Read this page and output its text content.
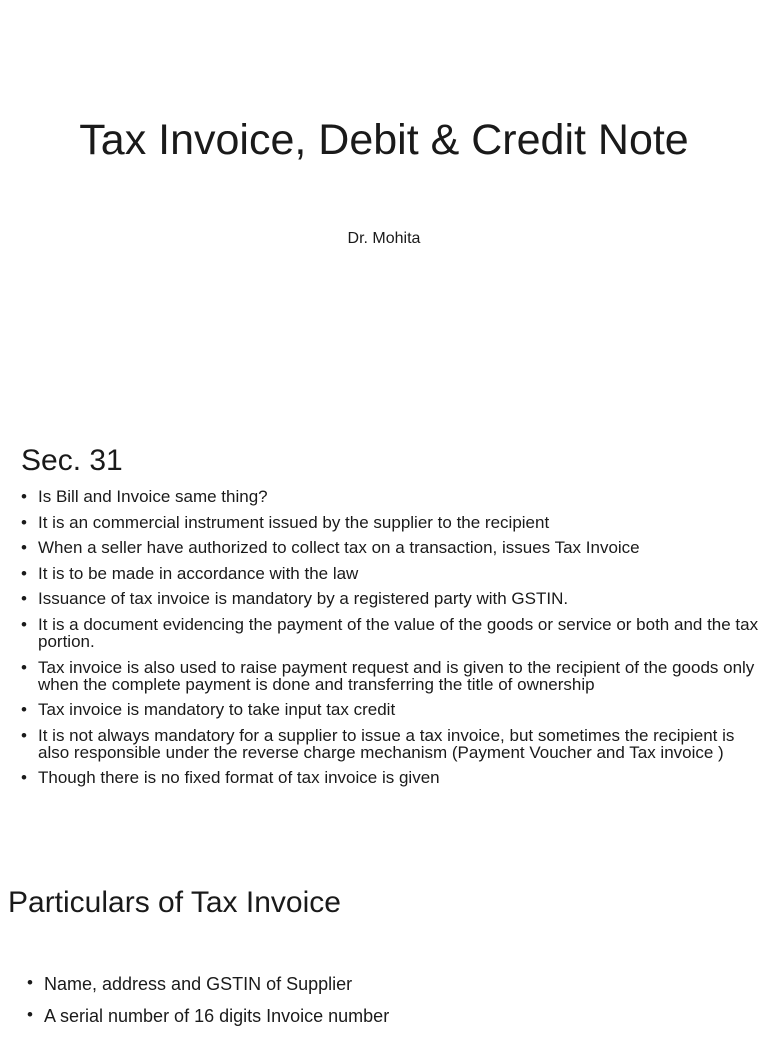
Tax Invoice, Debit & Credit Note
Dr. Mohita
Sec. 31
• Is Bill and Invoice same thing?
• It is an commercial instrument issued by the supplier to the recipient
• When a seller have authorized to collect tax on a transaction, issues Tax Invoice
• It is to be made in accordance with the law
• Issuance of tax invoice is mandatory by a registered party with GSTIN.
• It is a document evidencing the payment of the value of the goods or service or both and the tax portion.
• Tax invoice is also used to raise payment request and is given to the recipient of the goods only when the complete payment is done and transferring the title of ownership
• Tax invoice is mandatory to take input tax credit
• It is not always mandatory for a supplier to issue a tax invoice, but sometimes the recipient is also responsible under the reverse charge mechanism (Payment Voucher and Tax invoice )
• Though there is no fixed format of tax invoice is given
Particulars of Tax Invoice
• Name, address and GSTIN of Supplier
• A serial number of 16 digits Invoice number
